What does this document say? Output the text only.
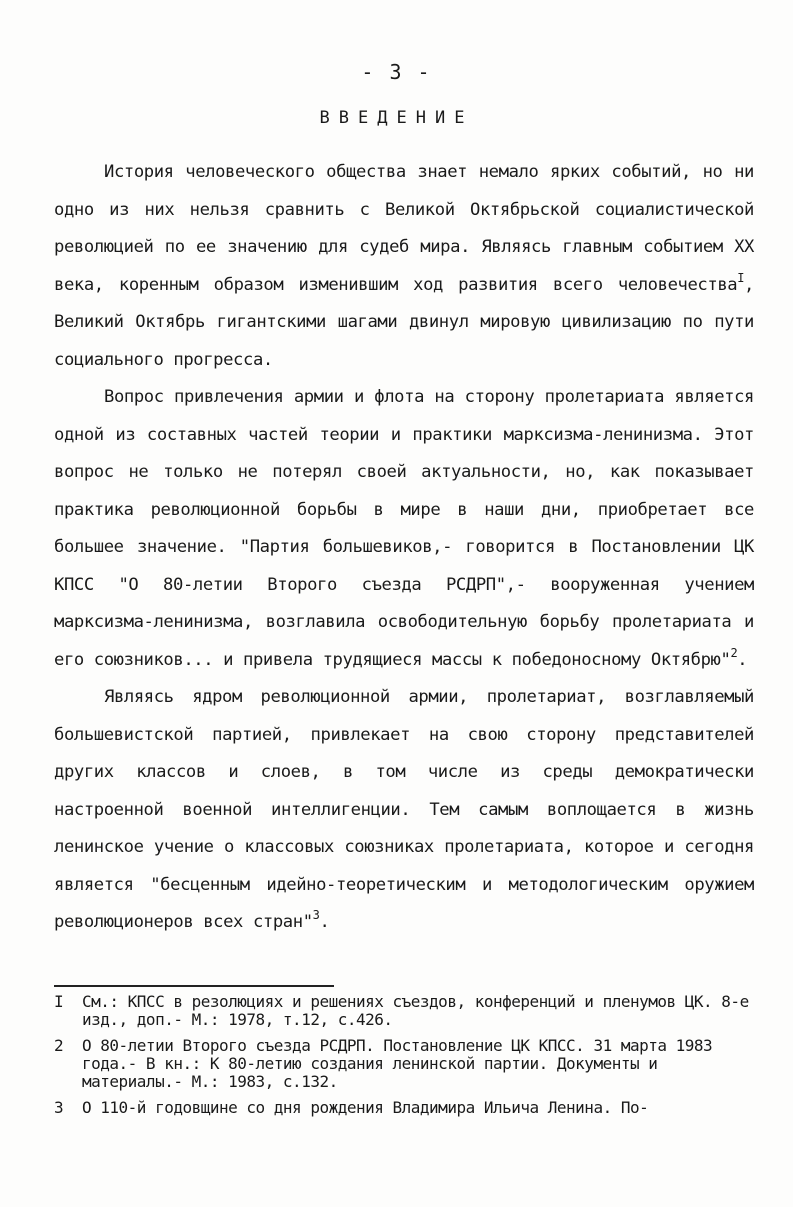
- 3 -
ВВЕДЕНИЕ

История человеческого общества знает немало ярких событий, но ни одно из них нельзя сравнить с Великой Октябрьской социалистической революцией по ее значению для судеб мира. Являясь главным событием XX века, коренным образом изменившим ход развития всего человечества$^I$, Великий Октябрь гигантскими шагами двинул мировую цивилизацию по пути социального прогресса.

Вопрос привлечения армии и флота на сторону пролетариата является одной из составных частей теории и практики марксизма-ленинизма. Этот вопрос не только не потерял своей актуальности, но, как показывает практика революционной борьбы в мире в наши дни, приобретает все большее значение. "Партия большевиков,- говорится в Постановлении ЦК КПСС "О 80-летии Второго съезда РСДРП",- вооруженная учением марксизма-ленинизма, возглавила освободительную борьбу пролетариата и его союзников... и привела трудящиеся массы к победоносному Октябрю"$^2$.

Являясь ядром революционной армии, пролетариат, возглавляемый большевистской партией, привлекает на свою сторону представителей других классов и слоев, в том числе из среды демократически настроенной военной интеллигенции. Тем самым воплощается в жизнь ленинское учение о классовых союзниках пролетариата, которое и сегодня является "бесценным идейно-теоретическим и методологическим оружием революционеров всех стран"$^3$.

I	См.: КПСС в резолюциях и решениях съездов, конференций и пленумов ЦК. 8-е изд., доп.- М.: 1978, т.12, с.426.
2	О 80-летии Второго съезда РСДРП. Постановление ЦК КПСС. 31 марта 1983 года.- В кн.: К 80-летию создания ленинской партии. Документы и материалы.- М.: 1983, с.132.
3	О 110-й годовщине со дня рождения Владимира Ильича Ленина. По-
